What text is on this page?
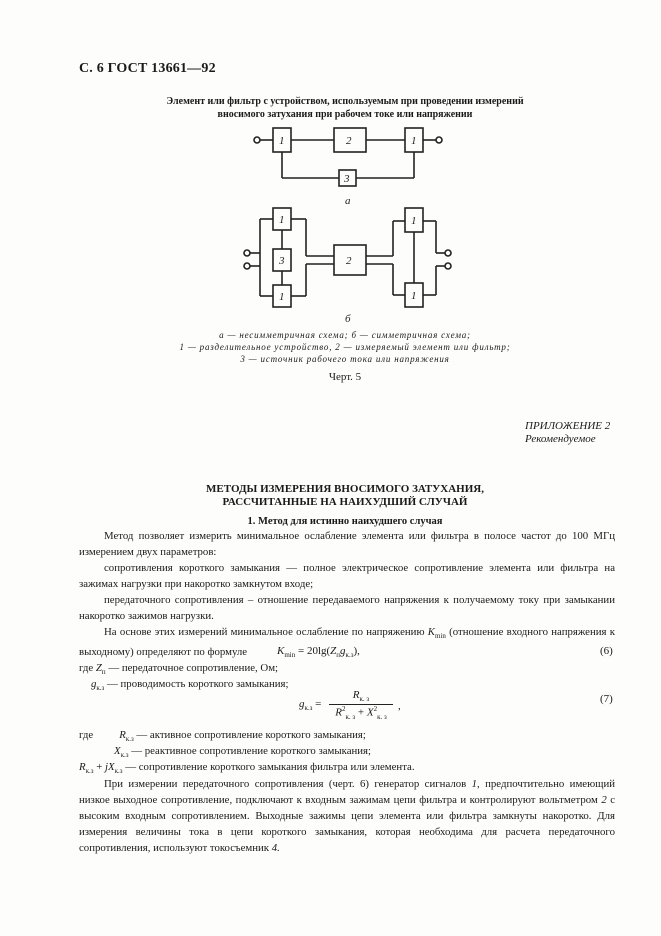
С. 6 ГОСТ 13661—92
Элемент или фильтр с устройством, используемым при проведении измерений
вносимого затухания при рабочем токе или напряжении
1	2	1
3
а
1
3
1
2
1
1
б
а — несимметричная схема; б — симметричная схема;
1 — разделительное устройство, 2 — измеряемый элемент или фильтр;
3 — источник рабочего тока или напряжения
Черт. 5
ПРИЛОЖЕНИЕ 2
Рекомендуемое
МЕТОДЫ ИЗМЕРЕНИЯ ВНОСИМОГО ЗАТУХАНИЯ,
РАССЧИТАННЫЕ НА НАИХУДШИЙ СЛУЧАЙ
1. Метод для истинно наихудшего случая
Метод позволяет измерить минимальное ослабление элемента или фильтра в полосе частот до 100 МГц измерением двух параметров:
сопротивления короткого замыкания — полное электрическое сопротивление элемента или фильтра на зажимах нагрузки при накоротко замкнутом входе;
передаточного сопротивления – отношение передаваемого напряжения к получаемому току при замыкании накоротко зажимов нагрузки.
На основе этих измерений минимальное ослабление по напряжению $K_{min}$ (отношение входного напряжения к выходному) определяют по формуле	$K_{min} = 20\lg(Z_пg_{к.з})$,	(6)
где $Z_п$ — передаточное сопротивление, Ом;
$g_{к.з}$ — проводимость короткого замыкания;
$g_{к.з}$ =
$R_{к. з}$
$R^2_{к. з} + X^2_{к. з}$
,
(7)
где $R_{к.з}$ — активное сопротивление короткого замыкания;
$X_{к.з}$ — реактивное сопротивление короткого замыкания;
$R_{к.з} + jX_{к.з}$ — сопротивление короткого замыкания фильтра или элемента.
При измерении передаточного сопротивления (черт. 6) генератор сигналов 1, предпочтительно имеющий низкое выходное сопротивление, подключают к входным зажимам цепи фильтра и контролируют вольтметром 2 с высоким входным сопротивлением. Выходные зажимы цепи элемента или фильтра замкнуты накоротко. Для измерения величины тока в цепи короткого замыкания, которая необходима для расчета передаточного сопротивления, используют токосъемник 4.
